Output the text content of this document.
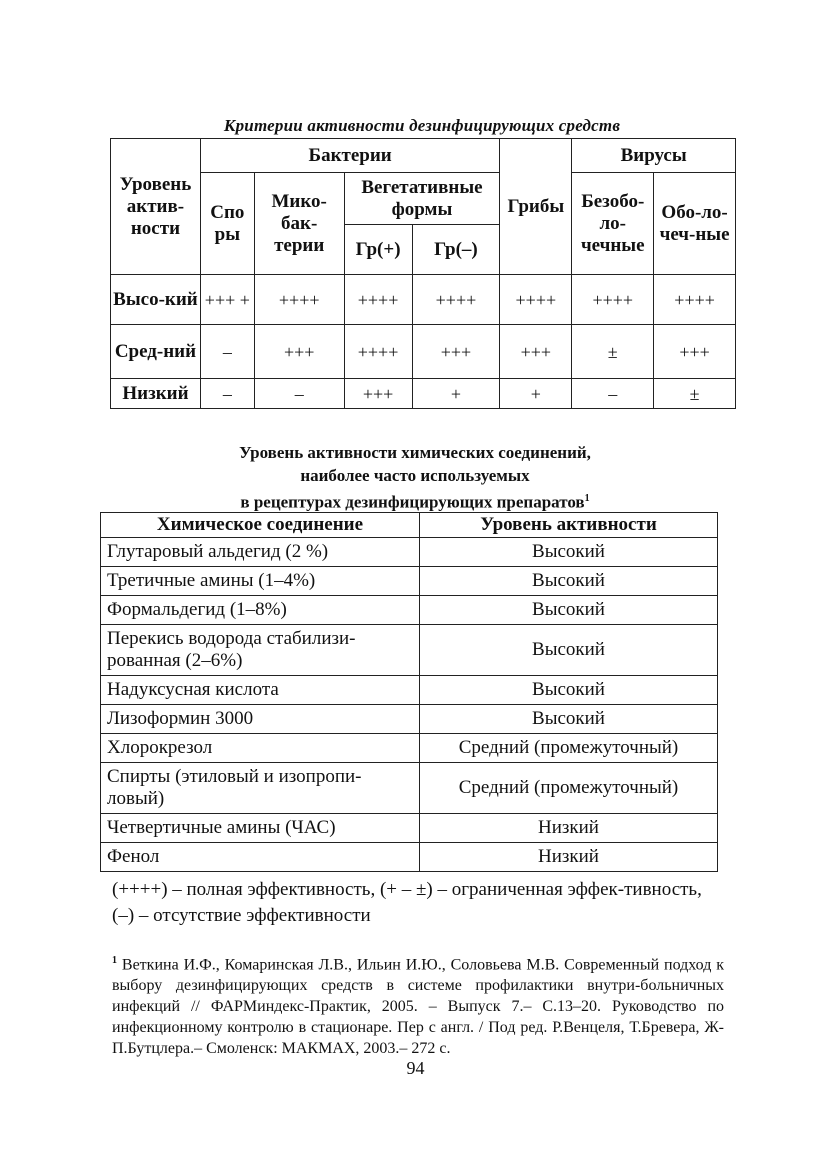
Критерии активности дезинфицирующих средств
Уровень актив-ности	Бактерии				Грибы	Вирусы	
	Спо ры	Мико-бак-терии	Вегетативные формы			Безобо-ло-чечные	Обо-ло-чеч-ные
			Гр(+)	Гр(–)			
Высо-кий	+++ +	++++	++++	++++	++++	++++	++++
Сред-ний	–	+++	++++	+++	+++	±	+++
Низкий	–	–	+++	+	+	–	±
Уровень активности химических соединений,
наиболее часто используемых
в рецептурах дезинфицирующих препаратов$^1$
Химическое соединение	Уровень активности
Глутаровый альдегид (2 %)	Высокий
Третичные амины (1–4%)	Высокий
Формальдегид (1–8%)	Высокий
Перекись водорода стабилизи-рованная (2–6%)	Высокий
Надуксусная кислота	Высокий
Лизоформин 3000	Высокий
Хлорокрезол	Средний (промежуточный)
Спирты (этиловый и изопропи-ловый)	Средний (промежуточный)
Четвертичные амины (ЧАС)	Низкий
Фенол	Низкий
(++++) – полная эффективность, (+ – ±) – ограниченная эффек-тивность, (–) – отсутствие эффективности
$^1$ Веткина И.Ф., Комаринская Л.В., Ильин И.Ю., Соловьева М.В. Современный подход к выбору дезинфицирующих средств в системе профилактики внутри-больничных инфекций // ФАРМиндекс-Практик, 2005. – Выпуск 7.– С.13–20. Руководство по инфекционному контролю в стационаре. Пер с англ. / Под ред. Р.Венцеля, Т.Бревера, Ж-П.Бутцлера.– Смоленск: МАКМАХ, 2003.– 272 с.
94
